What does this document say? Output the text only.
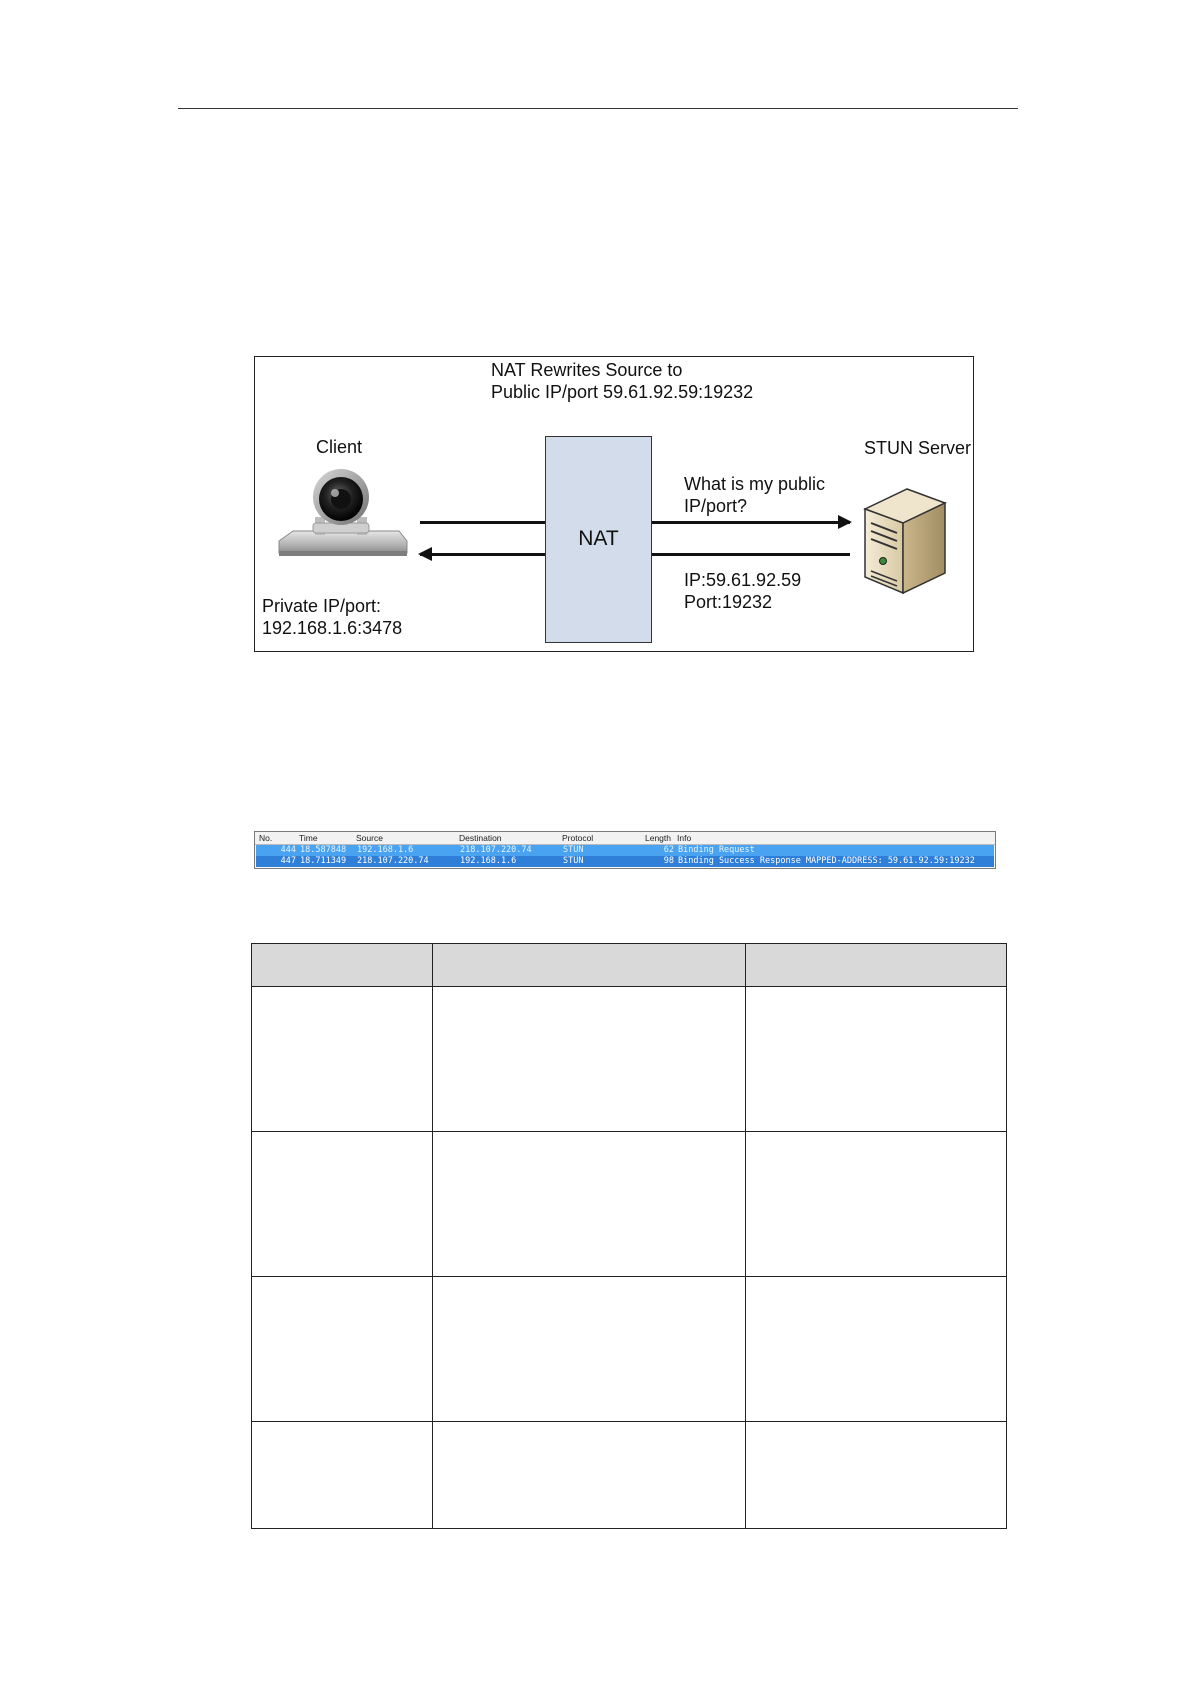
NAT Rewrites Source to
Public IP/port 59.61.92.59:19232
Client	STUN Server
NAT
What is my public
IP/port?
IP:59.61.92.59
Port:19232
Private IP/port:
192.168.1.6:3478
No.	Time	Source	Destination	Protocol	Length Info
444 18.587848 192.168.1.6	218.107.220.74	STUN	62 Binding Request
447 18.711349 218.107.220.74	192.168.1.6	STUN	98 Binding Success Response MAPPED-ADDRESS: 59.61.92.59:19232
